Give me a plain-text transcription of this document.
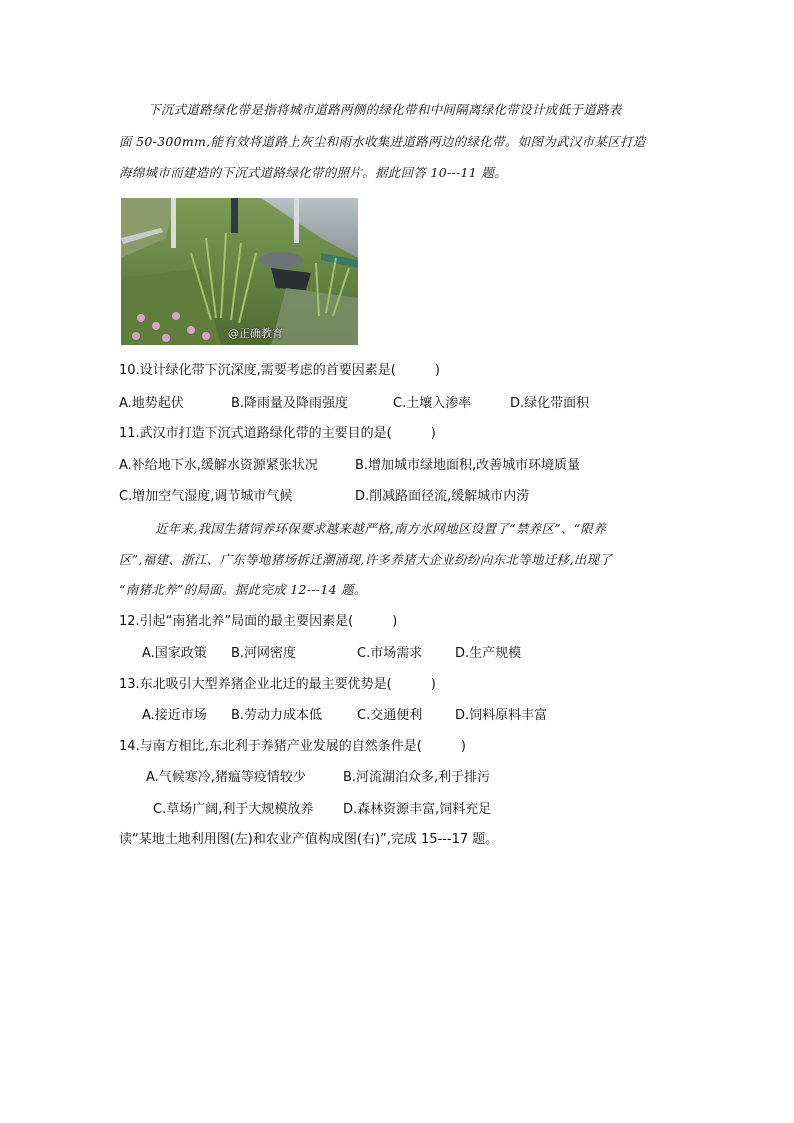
下沉式道路绿化带是指将城市道路两侧的绿化带和中间隔离绿化带设计成低于道路表
面 50-300mm,能有效将道路上灰尘和雨水收集进道路两边的绿化带。如图为武汉市某区打造
海绵城市而建造的下沉式道路绿化带的照片。据此回答 10---11 题。
@正确教育
10.设计绿化带下沉深度,需要考虑的首要因素是(　　　)
A.地势起伏	B.降雨量及降雨强度	C.土壤入渗率	D.绿化带面积
11.武汉市打造下沉式道路绿化带的主要目的是(　　　)
A.补给地下水,缓解水资源紧张状况	B.增加城市绿地面积,改善城市环境质量
C.增加空气湿度,调节城市气候	D.削减路面径流,缓解城市内涝
近年来,我国生猪饲养环保要求越来越严格,南方水网地区设置了“禁养区”、“限养
区”,福建、浙江、广东等地猪场拆迁潮涌现,许多养猪大企业纷纷向东北等地迁移,出现了
“南猪北养”的局面。据此完成 12---14 题。
12.引起“南猪北养”局面的最主要因素是(　　　)
A.国家政策 B.河网密度	C.市场需求	D.生产规模
13.东北吸引大型养猪企业北迁的最主要优势是(　　　)
A.接近市场 B.劳动力成本低	C.交通便利	D.饲料原料丰富
14.与南方相比,东北利于养猪产业发展的自然条件是(　　　)
A.气候寒冷,猪瘟等疫情较少	B.河流湖泊众多,利于排污
C.草场广阔,利于大规模放养 D.森林资源丰富,饲料充足
读“某地土地利用图(左)和农业产值构成图(右)”,完成 15---17 题。
